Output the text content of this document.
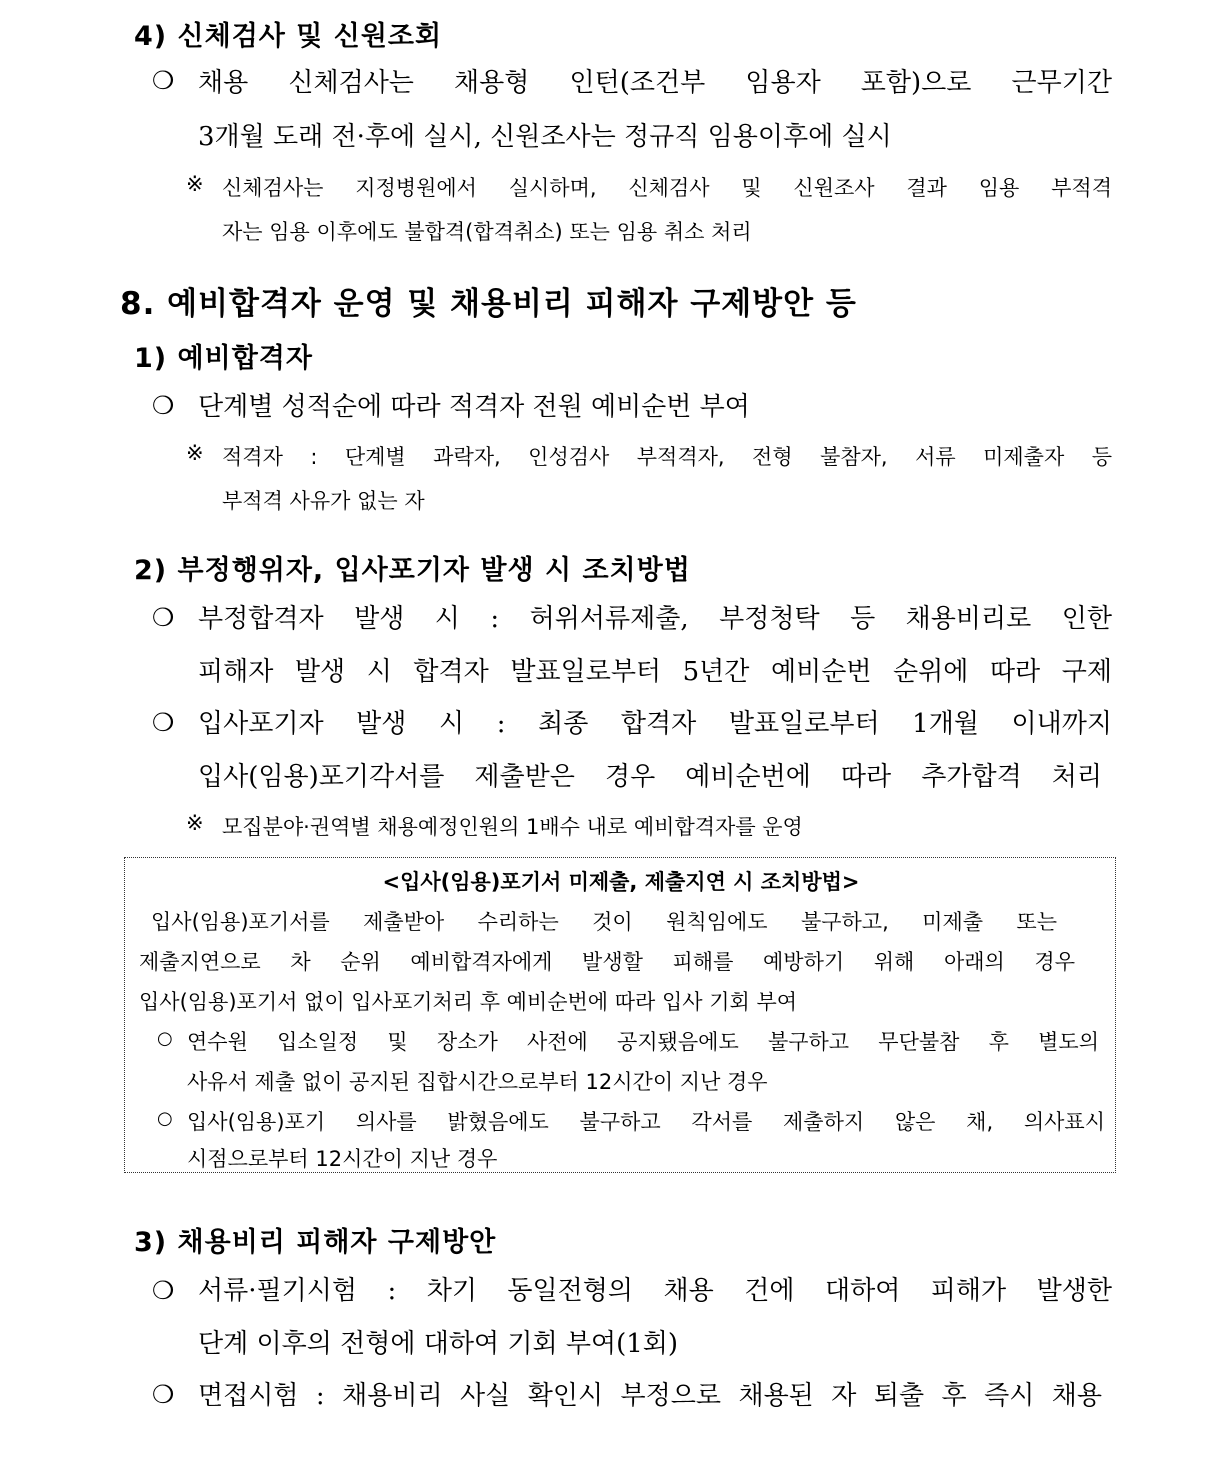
4) 신체검사 및 신원조회
❍ 채용 신체검사는 채용형 인턴(조건부 임용자 포함)으로 근무기간
3개월 도래 전·후에 실시, 신원조사는 정규직 임용이후에 실시
※ 신체검사는 지정병원에서 실시하며, 신체검사 및 신원조사 결과 임용 부적격
자는 임용 이후에도 불합격(합격취소) 또는 임용 취소 처리
8. 예비합격자 운영 및 채용비리 피해자 구제방안 등
1) 예비합격자
❍ 단계별 성적순에 따라 적격자 전원 예비순번 부여
※ 적격자 : 단계별 과락자, 인성검사 부적격자, 전형 불참자, 서류 미제출자 등
부적격 사유가 없는 자
2) 부정행위자, 입사포기자 발생 시 조치방법
❍ 부정합격자 발생 시 : 허위서류제출, 부정청탁 등 채용비리로 인한
피해자 발생 시 합격자 발표일로부터 5년간 예비순번 순위에 따라 구제
❍ 입사포기자 발생 시 : 최종 합격자 발표일로부터 1개월 이내까지
입사(임용)포기각서를 제출받은 경우 예비순번에 따라 추가합격 처리
※ 모집분야·권역별 채용예정인원의 1배수 내로 예비합격자를 운영
<입사(임용)포기서 미제출, 제출지연 시 조치방법>
입사(임용)포기서를 제출받아 수리하는 것이 원칙임에도 불구하고, 미제출 또는
제출지연으로 차 순위 예비합격자에게 발생할 피해를 예방하기 위해 아래의 경우
입사(임용)포기서 없이 입사포기처리 후 예비순번에 따라 입사 기회 부여
○ 연수원 입소일정 및 장소가 사전에 공지됐음에도 불구하고 무단불참 후 별도의
사유서 제출 없이 공지된 집합시간으로부터 12시간이 지난 경우
○ 입사(임용)포기 의사를 밝혔음에도 불구하고 각서를 제출하지 않은 채, 의사표시
시점으로부터 12시간이 지난 경우
3) 채용비리 피해자 구제방안
❍ 서류·필기시험 : 차기 동일전형의 채용 건에 대하여 피해가 발생한
단계 이후의 전형에 대하여 기회 부여(1회)
❍ 면접시험 : 채용비리 사실 확인시 부정으로 채용된 자 퇴출 후 즉시 채용
